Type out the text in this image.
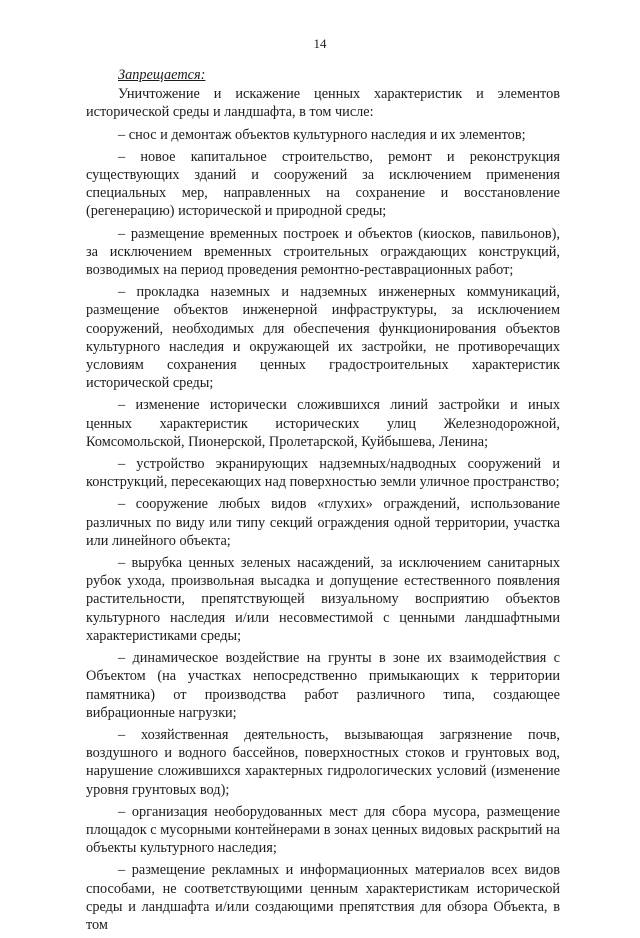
14

Запрещается:

Уничтожение и искажение ценных характеристик и элементов исторической среды и ландшафта, в том числе:

– снос и демонтаж объектов культурного наследия и их элементов;

– новое капитальное строительство, ремонт и реконструкция существующих зданий и сооружений за исключением применения специальных мер, направленных на сохранение и восстановление (регенерацию) исторической и природной среды;

– размещение временных построек и объектов (киосков, павильонов), за исключением временных строительных ограждающих конструкций, возводимых на период проведения ремонтно-реставрационных работ;

– прокладка наземных и надземных инженерных коммуникаций, размещение объектов инженерной инфраструктуры, за исключением сооружений, необходимых для обеспечения функционирования объектов культурного наследия и окружающей их застройки, не противоречащих условиям сохранения ценных градостроительных характеристик исторической среды;

– изменение исторически сложившихся линий застройки и иных ценных характеристик исторических улиц Железнодорожной, Комсомольской, Пионерской, Пролетарской, Куйбышева, Ленина;

– устройство экранирующих надземных/надводных сооружений и конструкций, пересекающих над поверхностью земли уличное пространство;

– сооружение любых видов «глухих» ограждений, использование различных по виду или типу секций ограждения одной территории, участка или линейного объекта;

– вырубка ценных зеленых насаждений, за исключением санитарных рубок ухода, произвольная высадка и допущение естественного появления растительности, препятствующей визуальному восприятию объектов культурного наследия и/или несовместимой с ценными ландшафтными характеристиками среды;

– динамическое воздействие на грунты в зоне их взаимодействия с Объектом (на участках непосредственно примыкающих к территории памятника) от производства работ различного типа, создающее вибрационные нагрузки;

– хозяйственная деятельность, вызывающая загрязнение почв, воздушного и водного бассейнов, поверхностных стоков и грунтовых вод, нарушение сложившихся характерных гидрологических условий (изменение уровня грунтовых вод);

– организация необорудованных мест для сбора мусора, размещение площадок с мусорными контейнерами в зонах ценных видовых раскрытий на объекты культурного наследия;

– размещение рекламных и информационных материалов всех видов способами, не соответствующими ценным характеристикам исторической среды и ландшафта и/или создающими препятствия для обзора Объекта, в том
